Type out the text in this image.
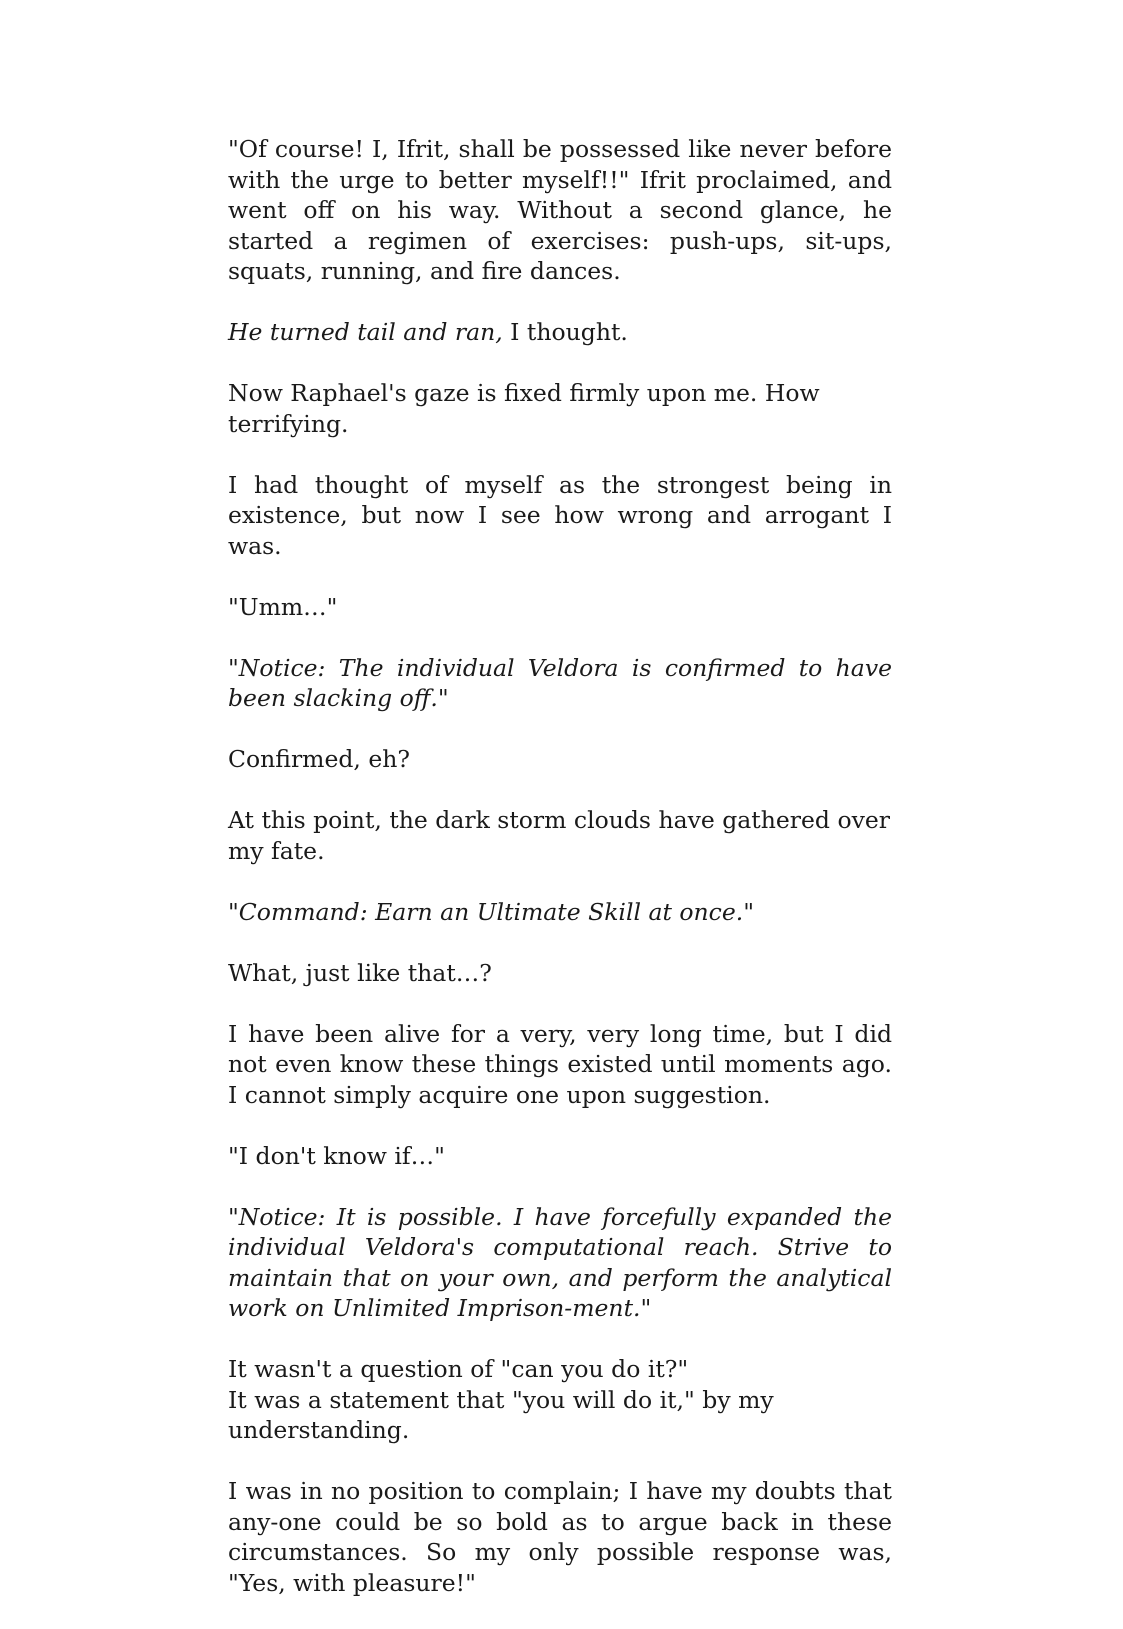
"Of course! I, Ifrit, shall be possessed like never before with the urge to better myself!!" Ifrit proclaimed, and went off on his way. Without a second glance, he started a regimen of exercises: push-ups, sit-ups, squats, running, and fire dances.

He turned tail and ran, I thought.

Now Raphael's gaze is fixed firmly upon me. How terrifying.

I had thought of myself as the strongest being in existence, but now I see how wrong and arrogant I was.

"Umm…"

"Notice: The individual Veldora is confirmed to have been slacking off."

Confirmed, eh?

At this point, the dark storm clouds have gathered over my fate.

"Command: Earn an Ultimate Skill at once."

What, just like that…?

I have been alive for a very, very long time, but I did not even know these things existed until moments ago. I cannot simply acquire one upon suggestion.

"I don't know if…"

"Notice: It is possible. I have forcefully expanded the individual Veldora's computational reach. Strive to maintain that on your own, and perform the analytical work on Unlimited Imprison-ment."

It wasn't a question of "can you do it?"
It was a statement that "you will do it," by my understanding.

I was in no position to complain; I have my doubts that any-one could be so bold as to argue back in these circumstances. So my only possible response was, "Yes, with pleasure!"
